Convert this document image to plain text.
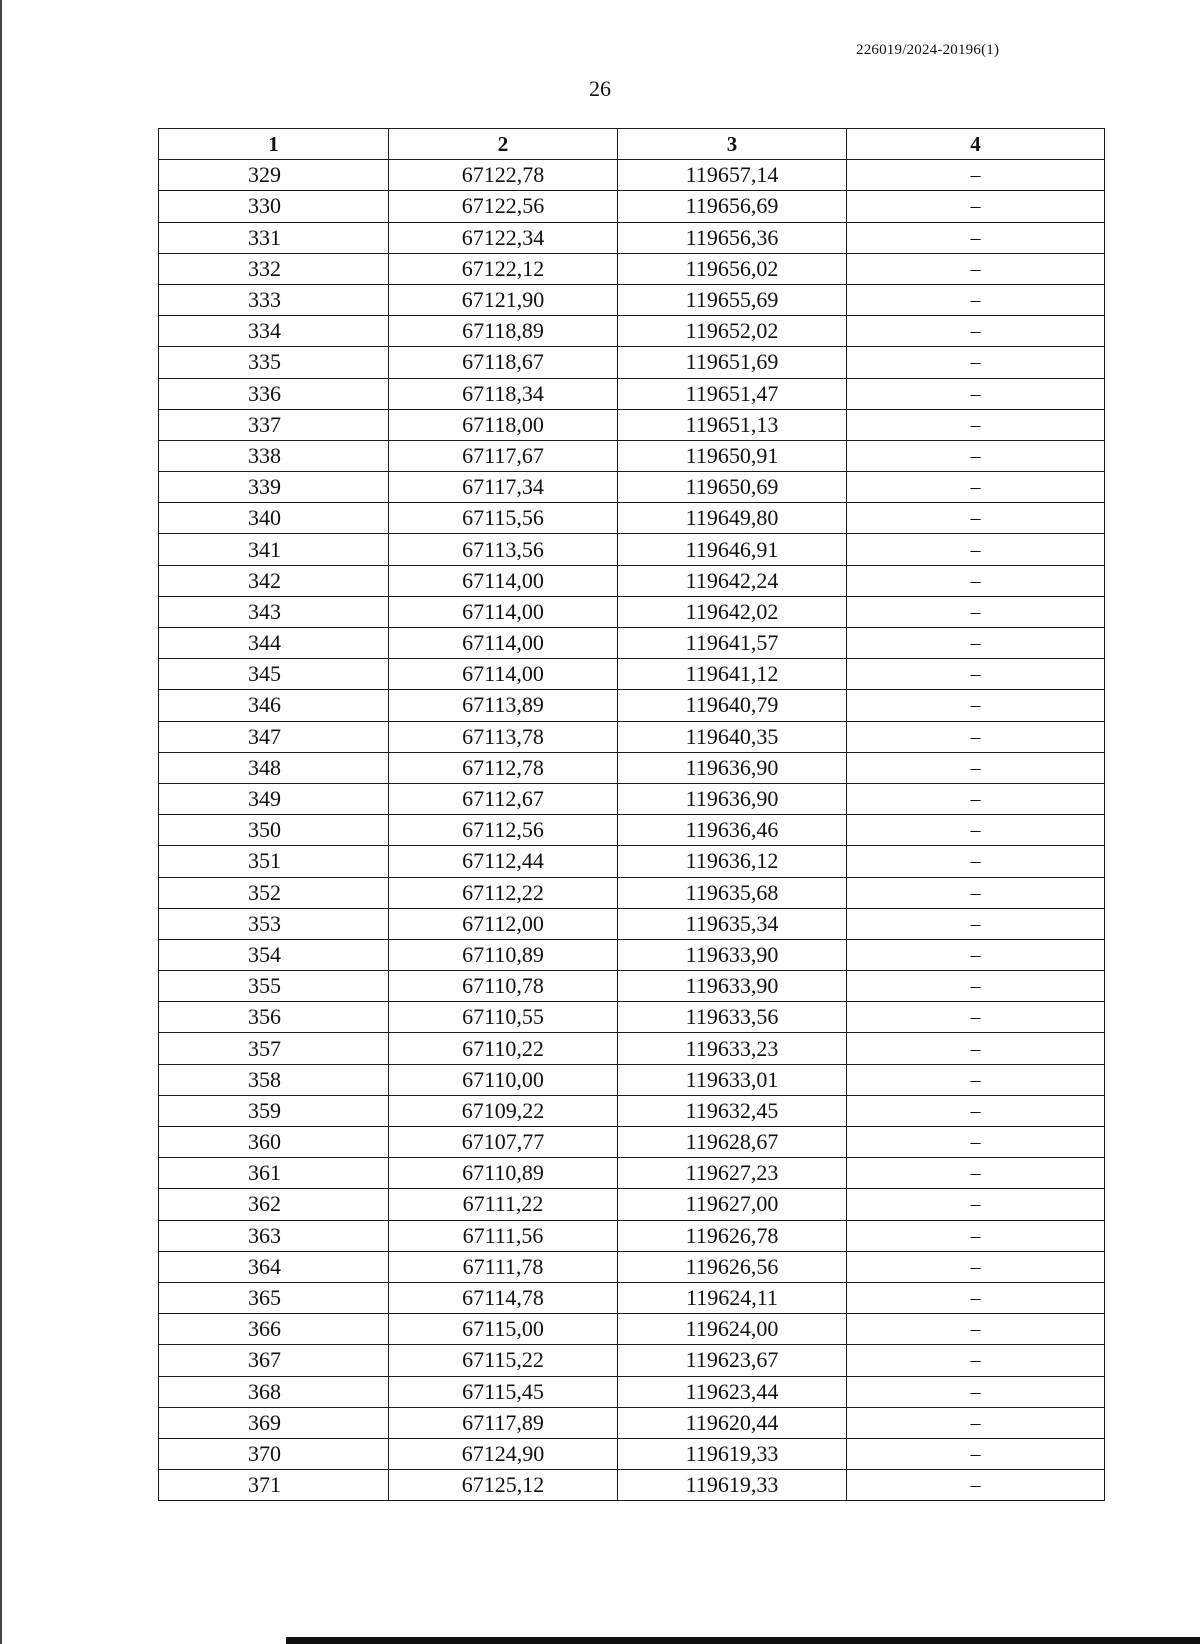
226019/2024-20196(1)
26
1	2	3	4
329	67122,78	119657,14	–
330	67122,56	119656,69	–
331	67122,34	119656,36	–
332	67122,12	119656,02	–
333	67121,90	119655,69	–
334	67118,89	119652,02	–
335	67118,67	119651,69	–
336	67118,34	119651,47	–
337	67118,00	119651,13	–
338	67117,67	119650,91	–
339	67117,34	119650,69	–
340	67115,56	119649,80	–
341	67113,56	119646,91	–
342	67114,00	119642,24	–
343	67114,00	119642,02	–
344	67114,00	119641,57	–
345	67114,00	119641,12	–
346	67113,89	119640,79	–
347	67113,78	119640,35	–
348	67112,78	119636,90	–
349	67112,67	119636,90	–
350	67112,56	119636,46	–
351	67112,44	119636,12	–
352	67112,22	119635,68	–
353	67112,00	119635,34	–
354	67110,89	119633,90	–
355	67110,78	119633,90	–
356	67110,55	119633,56	–
357	67110,22	119633,23	–
358	67110,00	119633,01	–
359	67109,22	119632,45	–
360	67107,77	119628,67	–
361	67110,89	119627,23	–
362	67111,22	119627,00	–
363	67111,56	119626,78	–
364	67111,78	119626,56	–
365	67114,78	119624,11	–
366	67115,00	119624,00	–
367	67115,22	119623,67	–
368	67115,45	119623,44	–
369	67117,89	119620,44	–
370	67124,90	119619,33	–
371	67125,12	119619,33	–
